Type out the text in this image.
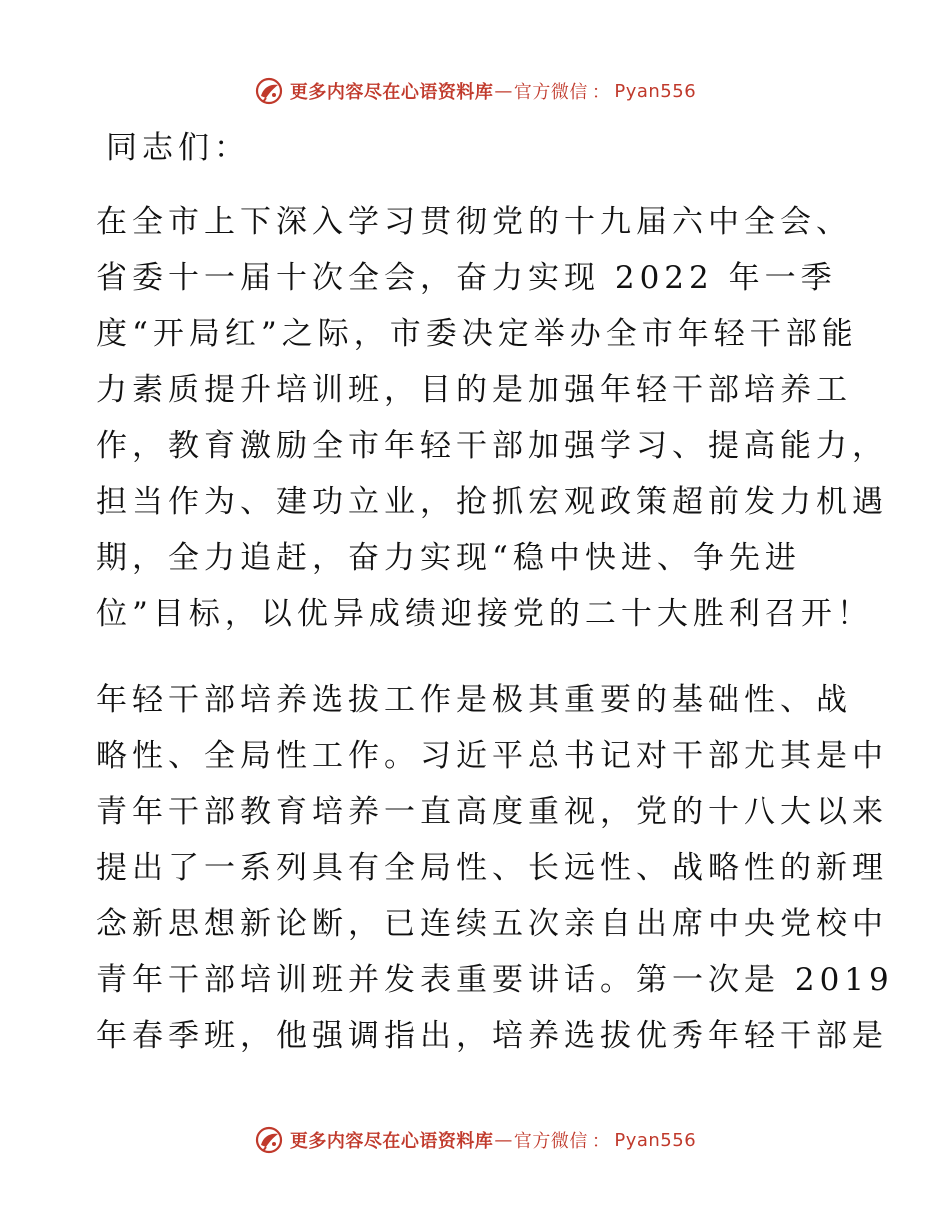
更多内容尽在心语资料库 — 官方微信 ： Pyan556
同志们：
在全市上下深入学习贯彻党的十九届六中全会、
省委十一届十次全会，奋力实现 2022 年一季
度“开局红”之际，市委决定举办全市年轻干部能
力素质提升培训班，目的是加强年轻干部培养工
作，教育激励全市年轻干部加强学习、提高能力，
担当作为、建功立业，抢抓宏观政策超前发力机遇
期，全力追赶，奋力实现“稳中快进、争先进
位”目标，以优异成绩迎接党的二十大胜利召开！
年轻干部培养选拔工作是极其重要的基础性、战
略性、全局性工作。习近平总书记对干部尤其是中
青年干部教育培养一直高度重视，党的十八大以来
提出了一系列具有全局性、长远性、战略性的新理
念新思想新论断，已连续五次亲自出席中央党校中
青年干部培训班并发表重要讲话。第一次是 2019
年春季班，他强调指出，培养选拔优秀年轻干部是
更多内容尽在心语资料库 — 官方微信 ： Pyan556
